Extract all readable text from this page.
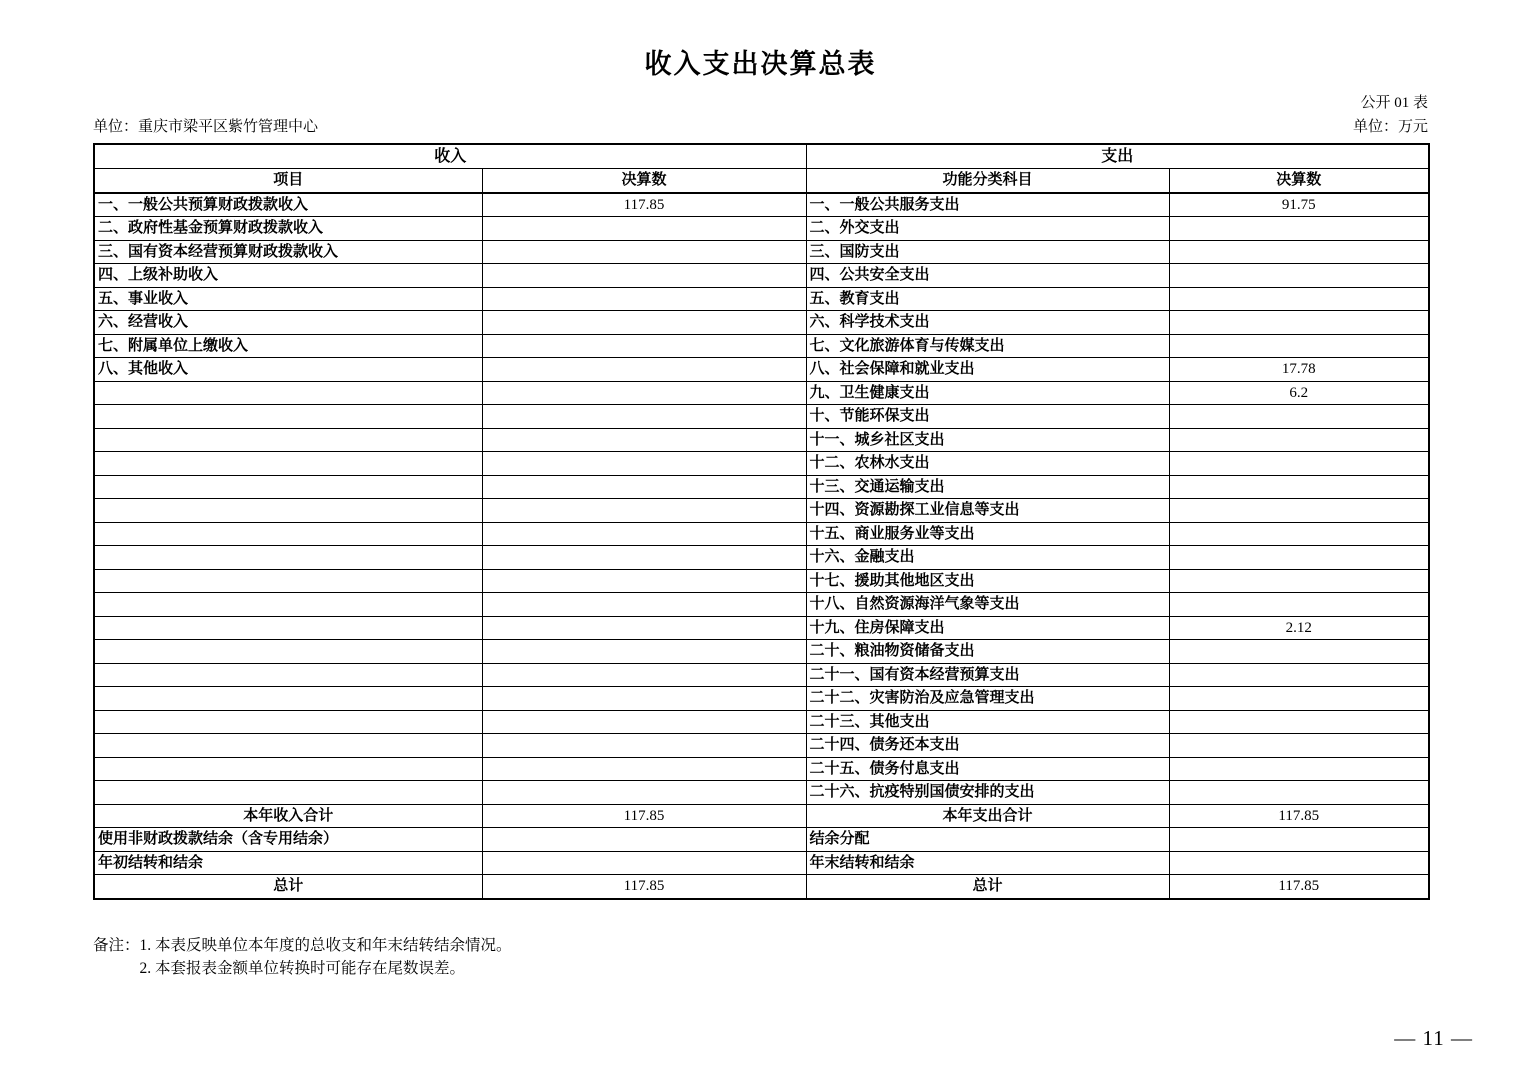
收入支出决算总表
公开 01 表
单位：重庆市梁平区紫竹管理中心	单位：万元
收入		支出	
项目	决算数	功能分类科目	决算数
一、一般公共预算财政拨款收入	117.85	一、一般公共服务支出	91.75
二、政府性基金预算财政拨款收入		二、外交支出	
三、国有资本经营预算财政拨款收入		三、国防支出	
四、上级补助收入		四、公共安全支出	
五、事业收入		五、教育支出	
六、经营收入		六、科学技术支出	
七、附属单位上缴收入		七、文化旅游体育与传媒支出	
八、其他收入		八、社会保障和就业支出	17.78
		九、卫生健康支出	6.2
		十、节能环保支出	
		十一、城乡社区支出	
		十二、农林水支出	
		十三、交通运输支出	
		十四、资源勘探工业信息等支出	
		十五、商业服务业等支出	
		十六、金融支出	
		十七、援助其他地区支出	
		十八、自然资源海洋气象等支出	
		十九、住房保障支出	2.12
		二十、粮油物资储备支出	
		二十一、国有资本经营预算支出	
		二十二、灾害防治及应急管理支出	
		二十三、其他支出	
		二十四、债务还本支出	
		二十五、债务付息支出	
		二十六、抗疫特别国债安排的支出	
本年收入合计	117.85	本年支出合计	117.85
使用非财政拨款结余（含专用结余）		结余分配	
年初结转和结余		年末结转和结余	
总计	117.85	总计	117.85
备注： 1. 本表反映单位本年度的总收支和年末结转结余情况。
2. 本套报表金额单位转换时可能存在尾数误差。
— 11 —
